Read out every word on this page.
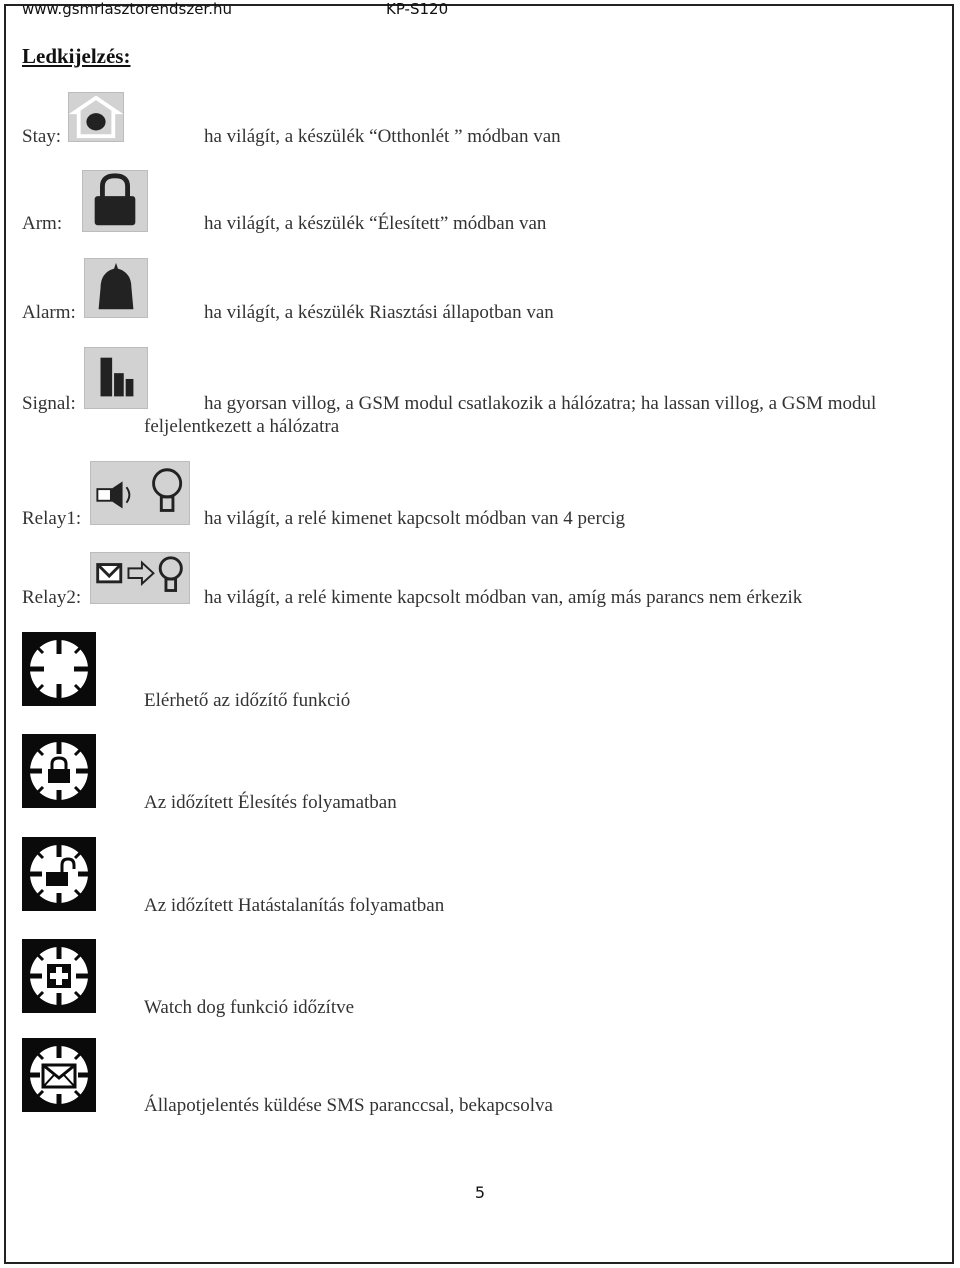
www.gsmriasztorendszer.hu	KP-S120
Ledkijelzés:
Stay:	ha világít, a készülék “Otthonlét ” módban van
Arm:	ha világít, a készülék “Élesített” módban van
Alarm:	ha világít, a készülék Riasztási állapotban van
Signal:	ha gyorsan villog, a GSM modul csatlakozik a hálózatra; ha lassan villog, a GSM modul
feljelentkezett a hálózatra
Relay1:	ha világít, a relé kimenet kapcsolt módban van 4 percig
Relay2:	ha világít, a relé kimente kapcsolt módban van, amíg más parancs nem érkezik
Elérhető az időzítő funkció
Az időzített Élesítés folyamatban
Az időzített Hatástalanítás folyamatban
Watch dog funkció időzítve
Állapotjelentés küldése SMS paranccsal, bekapcsolva
5
